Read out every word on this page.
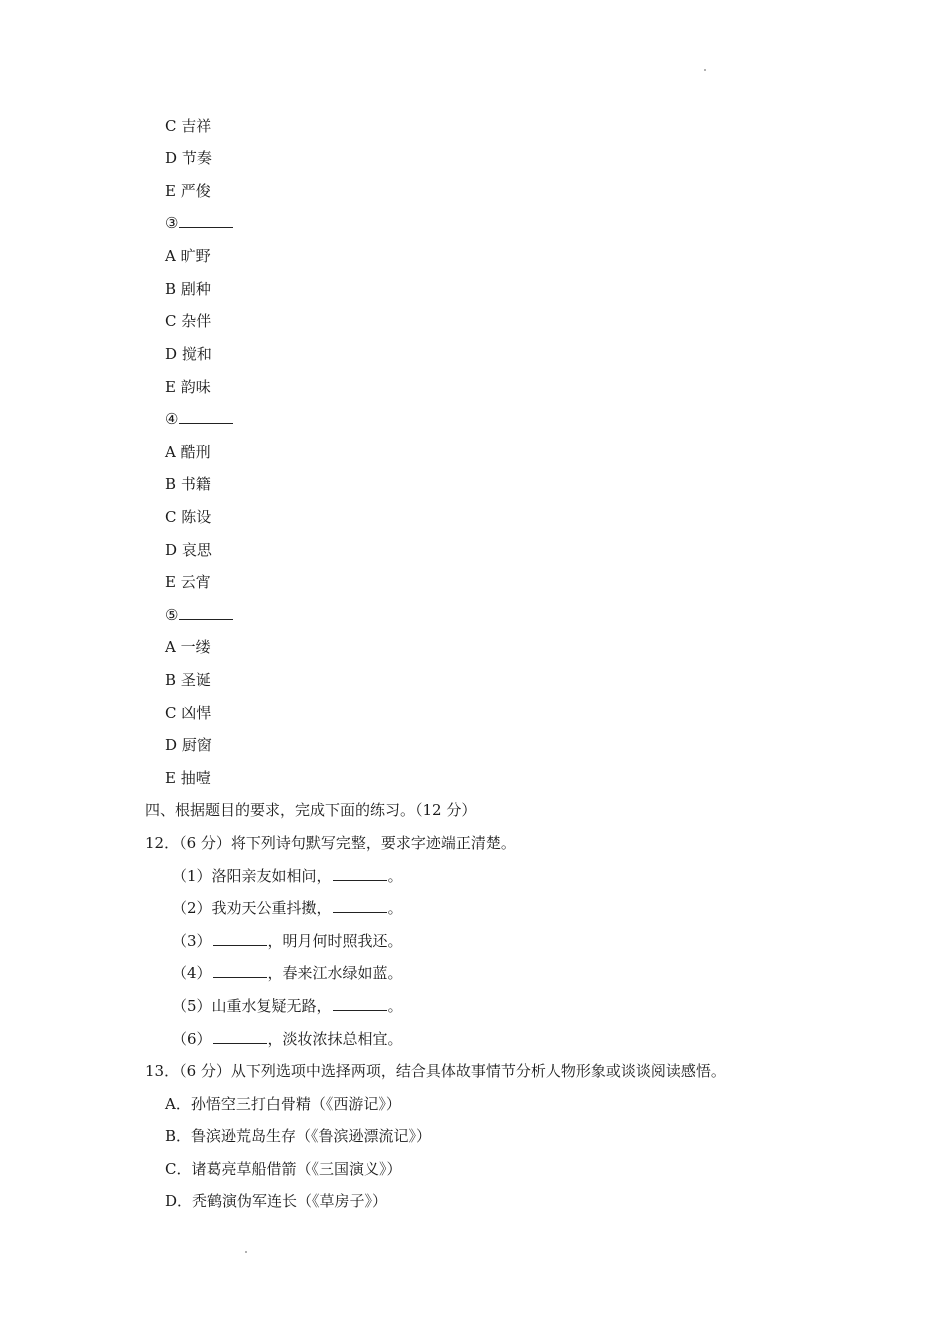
C 吉祥
D 节奏
E 严俊
③
A 旷野
B 剧种
C 杂伴
D 搅和
E 韵味
④
A 酷刑
B 书籍
C 陈设
D 哀思
E 云宵
⑤
A 一缕
B 圣诞
C 凶悍
D 厨窗
E 抽噎
四、根据题目的要求，完成下面的练习。（12 分）
12．（6 分）将下列诗句默写完整，要求字迹端正清楚。
（1）洛阳亲友如相问，	。
（2）我劝天公重抖擞，	。
（3）	，明月何时照我还。
（4）	，春来江水绿如蓝。
（5）山重水复疑无路，	。
（6）	，淡妆浓抹总相宜。
13．（6 分）从下列选项中选择两项，结合具体故事情节分析人物形象或谈谈阅读感悟。
A．孙悟空三打白骨精（《西游记》）
B．鲁滨逊荒岛生存（《鲁滨逊漂流记》）
C．诸葛亮草船借箭（《三国演义》）
D．秃鹤演伪军连长（《草房子》）
